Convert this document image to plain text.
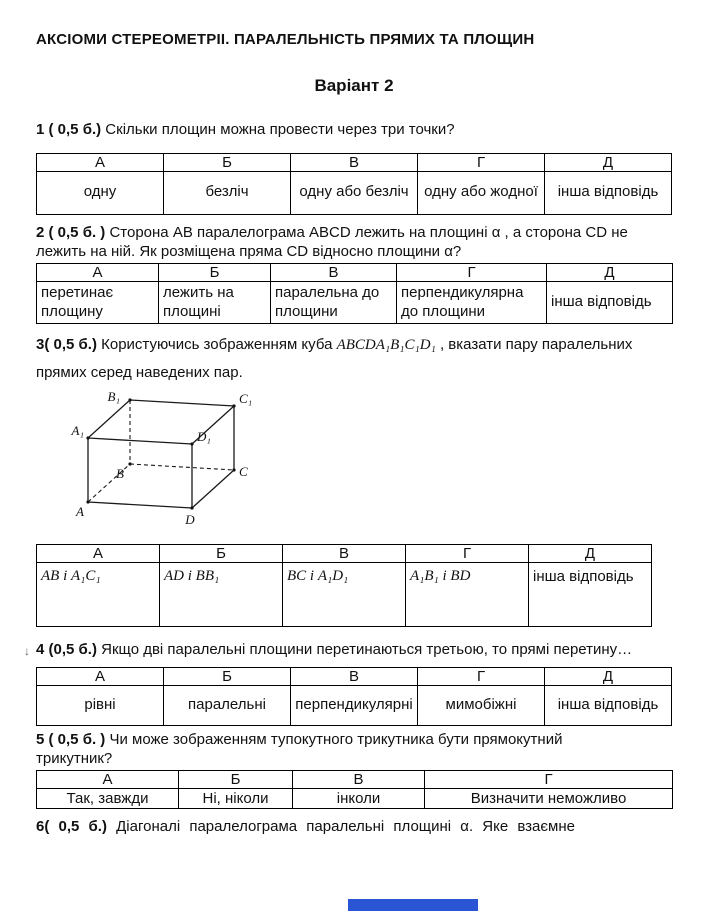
АКСІОМИ СТЕРЕОМЕТРІІ. ПАРАЛЕЛЬНІСТЬ ПРЯМИХ ТА ПЛОЩИН
Варіант 2

1 ( 0,5 б.) Скільки площин можна провести через три точки?

А	Б	В	Г	Д
одну	безліч	одну або безліч	одну або жодної	інша відповідь

2 ( 0,5 б. ) Сторона AB паралелограма ABCD лежить на площині α , а сторона CD не лежить на ній. Як розміщена пряма CD відносно площини α?

А	Б	В	Г	Д
перетинає площину	лежить на площині	паралельна до площини	перпендикулярна до площини	інша відповідь

3( 0,5 б.) Користуючись зображенням куба ABCDA₁B₁C₁D₁ , вказати пару паралельних прямих серед наведених пар.

B₁	C₁
A₁	D₁
B	C
A
D
А	Б	В	Г	Д
AB і A₁C₁	AD і BB₁	BC і A₁D₁	A₁B₁ і BD	інша відповідь

↓ 4 (0,5 б.) Якщо дві паралельні площини перетинаються третьою, то прямі перетину…

А	Б	В	Г	Д
рівні	паралельні	перпендикулярні	мимобіжні	інша відповідь

5 ( 0,5 б. ) Чи може зображенням тупокутного трикутника бути прямокутний трикутник?

А	Б	В	Г
Так, завжди	Ні, ніколи	інколи	Визначити неможливо

6( 0,5 б.) Діагоналі паралелограма паралельні площині α. Яке взаємне
